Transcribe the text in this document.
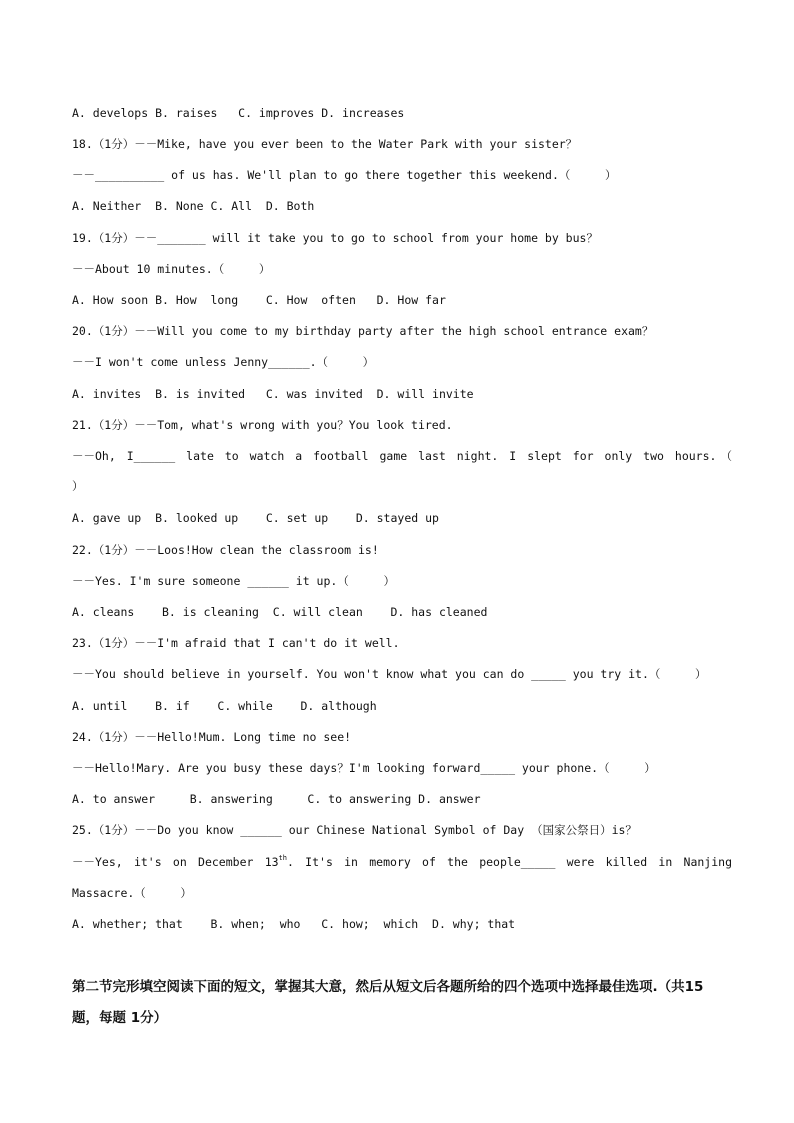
A. develops B. raises   C. improves D. increases
18.（1分）－－Mike, have you ever been to the Water Park with your sister？
－－__________ of us has. We'll plan to go there together this weekend.（     ）
A. Neither  B. None C. All  D. Both
19.（1分）－－_______ will it take you to go to school from your home by bus？
－－About 10 minutes.（     ）
A. How soon B. How  long    C. How  often   D. How far
20.（1分）－－Will you come to my birthday party after the high school entrance exam？
－－I won't come unless Jenny______.（     ）
A. invites  B. is invited   C. was invited  D. will invite
21.（1分）－－Tom, what's wrong with you？You look tired.
－－Oh, I______ late to watch a football game last night. I slept for only two hours.（
）
A. gave up  B. looked up    C. set up    D. stayed up
22.（1分）－－Loos!How clean the classroom is!
－－Yes. I'm sure someone ______ it up.（     ）
A. cleans    B. is cleaning  C. will clean    D. has cleaned
23.（1分）－－I'm afraid that I can't do it well.
－－You should believe in yourself. You won't know what you can do _____ you try it.（     ）
A. until    B. if    C. while    D. although
24.（1分）－－Hello!Mum. Long time no see!
－－Hello!Mary. Are you busy these days？I'm looking forward_____ your phone.（     ）
A. to answer     B. answering     C. to answering D. answer
25.（1分）－－Do you know ______ our Chinese National Symbol of Day （国家公祭日）is？
－－Yes, it's on December 13th. It's in memory of the people_____ were killed in Nanjing
Massacre.（     ）
A. whether; that    B. when;  who   C. how;  which  D. why; that
第二节完形填空阅读下面的短文，掌握其大意，然后从短文后各题所给的四个选项中选择最佳选项.（共15题，每题 1分）
